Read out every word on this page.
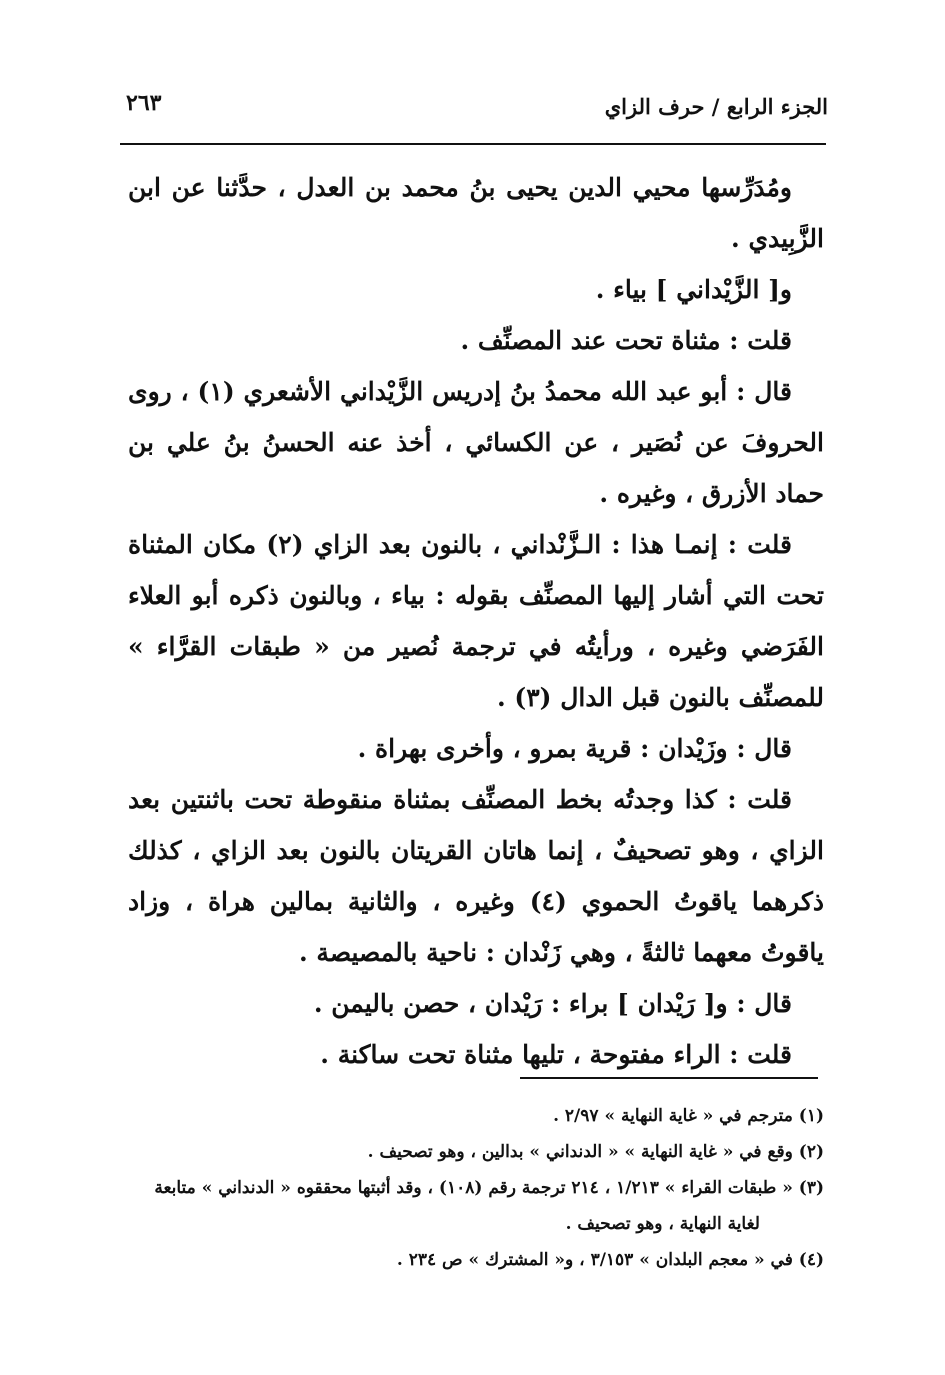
الجزء الرابع / حرف الزاي
٢٦٣

ومُدَرِّسها محيي الدين يحيى بنُ محمد بن العدل ، حدَّثنا عن ابن الزَّبِيدي .

و[ الزَّيْداني ] بياء .

قلت : مثناة تحت عند المصنِّف .

قال : أبو عبد الله محمدُ بنُ إدريس الزَّيْداني الأشعري (١) ، روى الحروفَ عن نُصَير ، عن الكسائي ، أخذ عنه الحسنُ بنُ علي بن حماد الأزرق ، وغيره .

قلت : إنمـا هذا : الـزَّنْداني ، بالنون بعد الزاي (٢) مكان المثناة تحت التي أشار إليها المصنِّف بقوله : بياء ، وبالنون ذكره أبو العلاء الفَرَضي وغيره ، ورأيتُه في ترجمة نُصير من « طبقات القرَّاء » للمصنِّف بالنون قبل الدال (٣) .

قال : وزَيْدان : قرية بمرو ، وأخرى بهراة .

قلت : كذا وجدتُه بخط المصنِّف بمثناة منقوطة تحت باثنتين بعد الزاي ، وهو تصحيفٌ ، إنما هاتان القريتان بالنون بعد الزاي ، كذلك ذكرهما ياقوتُ الحموي (٤) وغيره ، والثانية بمالين هراة ، وزاد ياقوتُ معهما ثالثةً ، وهي زَنْدان : ناحية بالمصيصة .

قال : و[ رَيْدان ] براء : رَيْدان ، حصن باليمن .

قلت : الراء مفتوحة ، تليها مثناة تحت ساكنة .

(١) مترجم في « غاية النهاية » ٢/٩٧ .

(٢) وقع في « غاية النهاية » « الدنداني » بدالين ، وهو تصحيف .

(٣) « طبقات القراء » ١/٢١٣ ، ٢١٤ ترجمة رقم (١٠٨) ، وقد أثبتها محققوه « الدنداني » متابعة

لغاية النهاية ، وهو تصحيف .

(٤) في « معجم البلدان » ٣/١٥٣ ، و« المشترك » ص ٢٣٤ .
